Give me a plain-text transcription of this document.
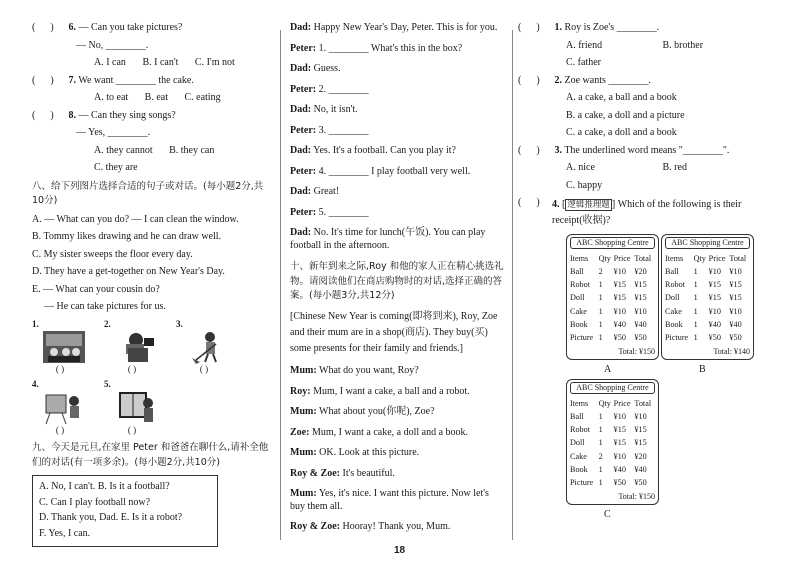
( ) 6. — Can you take pictures?
— No, ________.
A. I can B. I can't C. I'm not
( ) 7. We want ________ the cake.
A. to eat B. eat C. eating
( ) 8. — Can they sing songs?
— Yes, ________.
A. they cannot B. they can
C. they are
八、给下列图片选择合适的句子或对话。(每小题2分,共10分)
A. — What can you do? — I can clean the window.
B. Tommy likes drawing and he can draw well.
C. My sister sweeps the floor every day.
D. They have a get-together on New Year's Day.
E. — What can your cousin do?
— He can take pictures for us.
1.
( )
2.
( )
3.
( )
4.
( )
5.
( )
九、今天是元旦,在家里 Peter 和爸爸在聊什么,请补全他们的对话(有一项多余)。(每小题2分,共10分)
A. No, I can't. B. Is it a football?
C. Can I play football now?
D. Thank you, Dad. E. Is it a robot?
F. Yes, I can.
Dad: Happy New Year's Day, Peter. This is for you.
Peter: 1. ________ What's this in the box?
Dad: Guess.
Peter: 2. ________
Dad: No, it isn't.
Peter: 3. ________
Dad: Yes. It's a football. Can you play it?
Peter: 4. ________ I play football very well.
Dad: Great!
Peter: 5. ________
Dad: No. It's time for lunch(午饭). You can play football in the afternoon.
十、新年到来之际,Roy 和他的家人正在精心挑选礼物。请阅读他们在商店购物时的对话,选择正确的答案。(每小题3分,共12分)
[Chinese New Year is coming(即将到来), Roy, Zoe and their mum are in a shop(商店). They buy(买) some presents for their family and friends.]
Mum: What do you want, Roy?
Roy: Mum, I want a cake, a ball and a robot.
Mum: What about you(你呢), Zoe?
Zoe: Mum, I want a cake, a doll and a book.
Mum: OK. Look at this picture.
Roy & Zoe: It's beautiful.
Mum: Yes, it's nice. I want this picture. Now let's buy them all.
Roy & Zoe: Hooray! Thank you, Mum.
( ) 1. Roy is Zoe's ________.
A. friend	B. brother
C. father
( ) 2. Zoe wants ________.
A. a cake, a ball and a book
B. a cake, a doll and a picture
C. a cake, a doll and a book
( ) 3. The underlined word means "________".
A. nice	B. red
C. happy
( )	4. [ 逻辑推理题 ] Which of the following is their receipt(收据)?
ABC Shopping Centre
Items	Qty	Price	Total
Ball	2	¥10	¥20
Robot	1	¥15	¥15
Doll	1	¥15	¥15
Cake	1	¥10	¥10
Book	1	¥40	¥40
Picture	1	¥50	¥50
Total: ¥150
A
ABC Shopping Centre
Items	Qty	Price	Total
Ball	1	¥10	¥10
Robot	1	¥15	¥15
Doll	1	¥15	¥15
Cake	1	¥10	¥10
Book	1	¥40	¥40
Picture	1	¥50	¥50
Total: ¥140
B
ABC Shopping Centre
Items	Qty	Price	Total
Ball	1	¥10	¥10
Robot	1	¥15	¥15
Doll	1	¥15	¥15
Cake	2	¥10	¥20
Book	1	¥40	¥40
Picture	1	¥50	¥50
Total: ¥150
C
18
